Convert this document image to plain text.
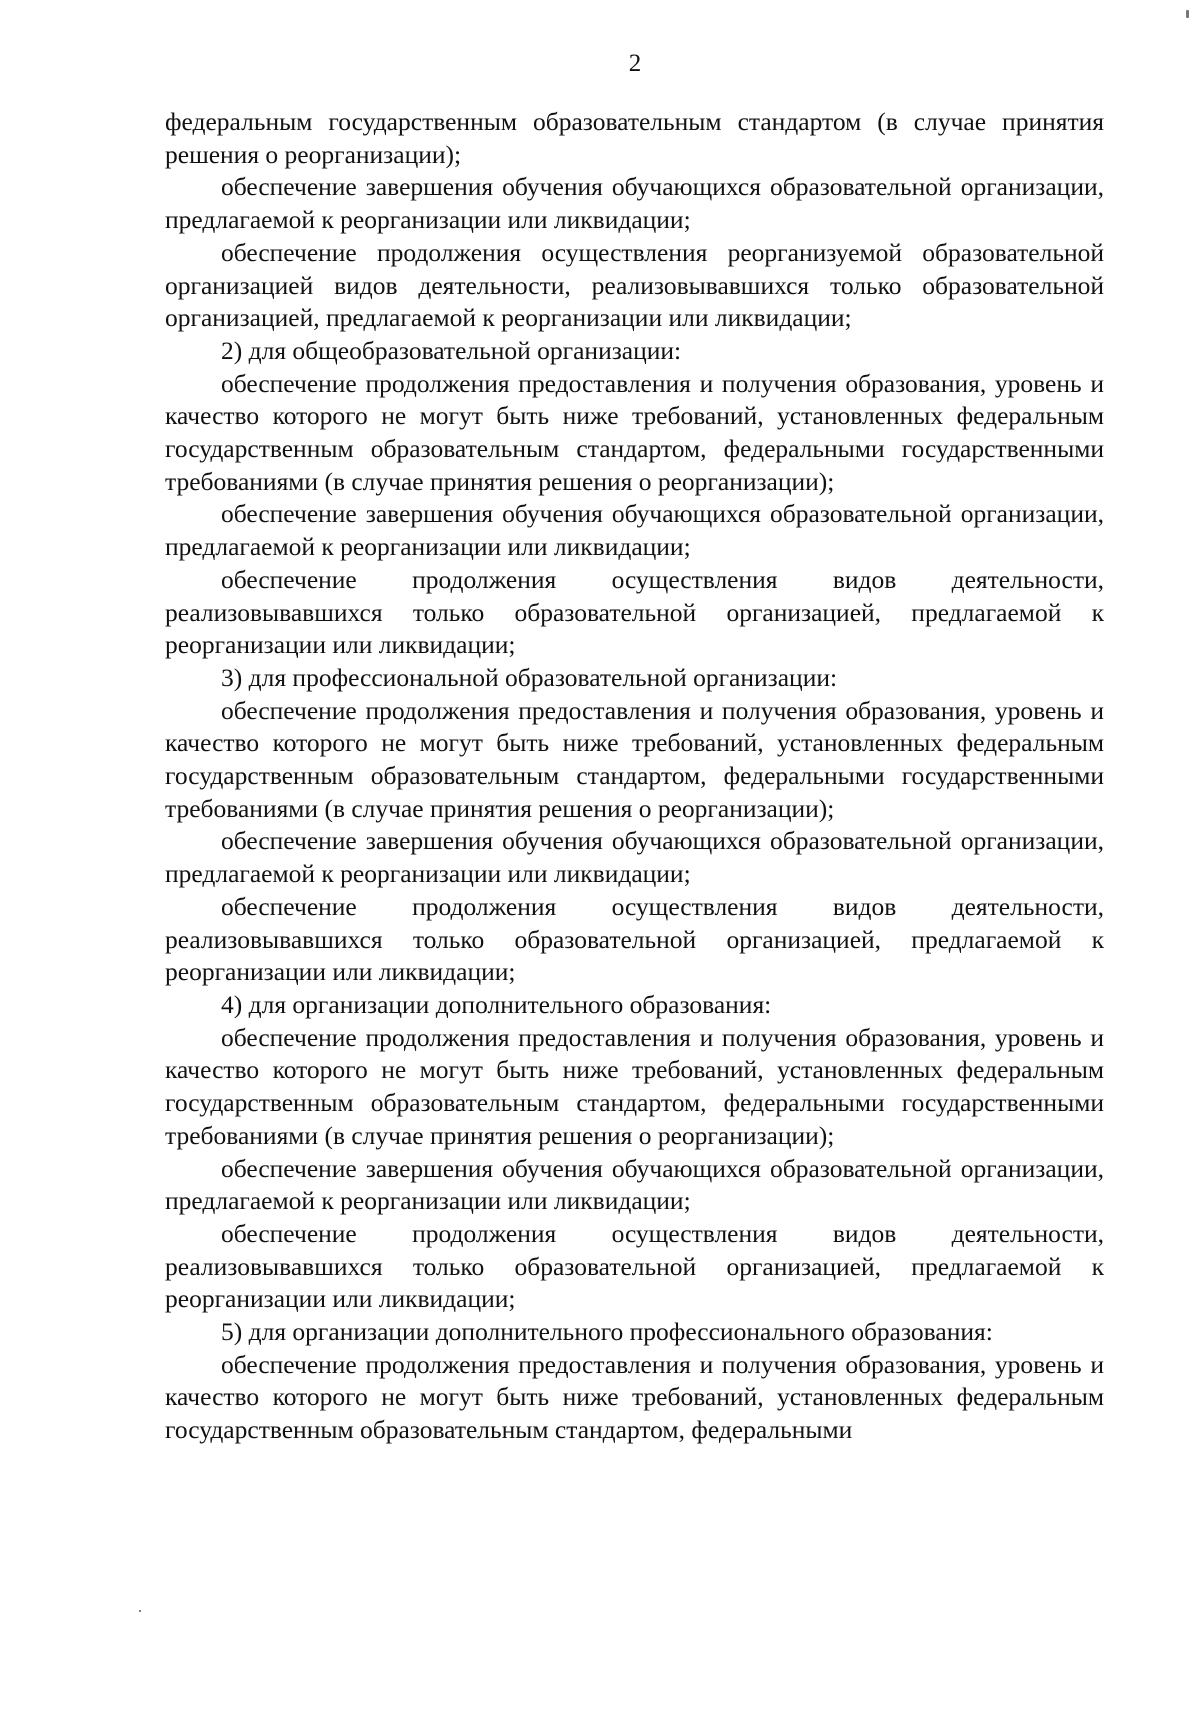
2

федеральным государственным образовательным стандартом (в случае принятия решения о реорганизации);

обеспечение завершения обучения обучающихся образовательной организации, предлагаемой к реорганизации или ликвидации;

обеспечение продолжения осуществления реорганизуемой образовательной организацией видов деятельности, реализовывавшихся только образовательной организацией, предлагаемой к реорганизации или ликвидации;

2) для общеобразовательной организации:

обеспечение продолжения предоставления и получения образования, уровень и качество которого не могут быть ниже требований, установленных федеральным государственным образовательным стандартом, федеральными государственными требованиями (в случае принятия решения о реорганизации);

обеспечение завершения обучения обучающихся образовательной организации, предлагаемой к реорганизации или ликвидации;

обеспечение продолжения осуществления видов деятельности, реализовывавшихся только образовательной организацией, предлагаемой к реорганизации или ликвидации;

3) для профессиональной образовательной организации:

обеспечение продолжения предоставления и получения образования, уровень и качество которого не могут быть ниже требований, установленных федеральным государственным образовательным стандартом, федеральными государственными требованиями (в случае принятия решения о реорганизации);

обеспечение завершения обучения обучающихся образовательной организации, предлагаемой к реорганизации или ликвидации;

обеспечение продолжения осуществления видов деятельности, реализовывавшихся только образовательной организацией, предлагаемой к реорганизации или ликвидации;

4) для организации дополнительного образования:

обеспечение продолжения предоставления и получения образования, уровень и качество которого не могут быть ниже требований, установленных федеральным государственным образовательным стандартом, федеральными государственными требованиями (в случае принятия решения о реорганизации);

обеспечение завершения обучения обучающихся образовательной организации, предлагаемой к реорганизации или ликвидации;

обеспечение продолжения осуществления видов деятельности, реализовывавшихся только образовательной организацией, предлагаемой к реорганизации или ликвидации;

5) для организации дополнительного профессионального образования:

обеспечение продолжения предоставления и получения образования, уровень и качество которого не могут быть ниже требований, установленных федеральным государственным образовательным стандартом, федеральными
